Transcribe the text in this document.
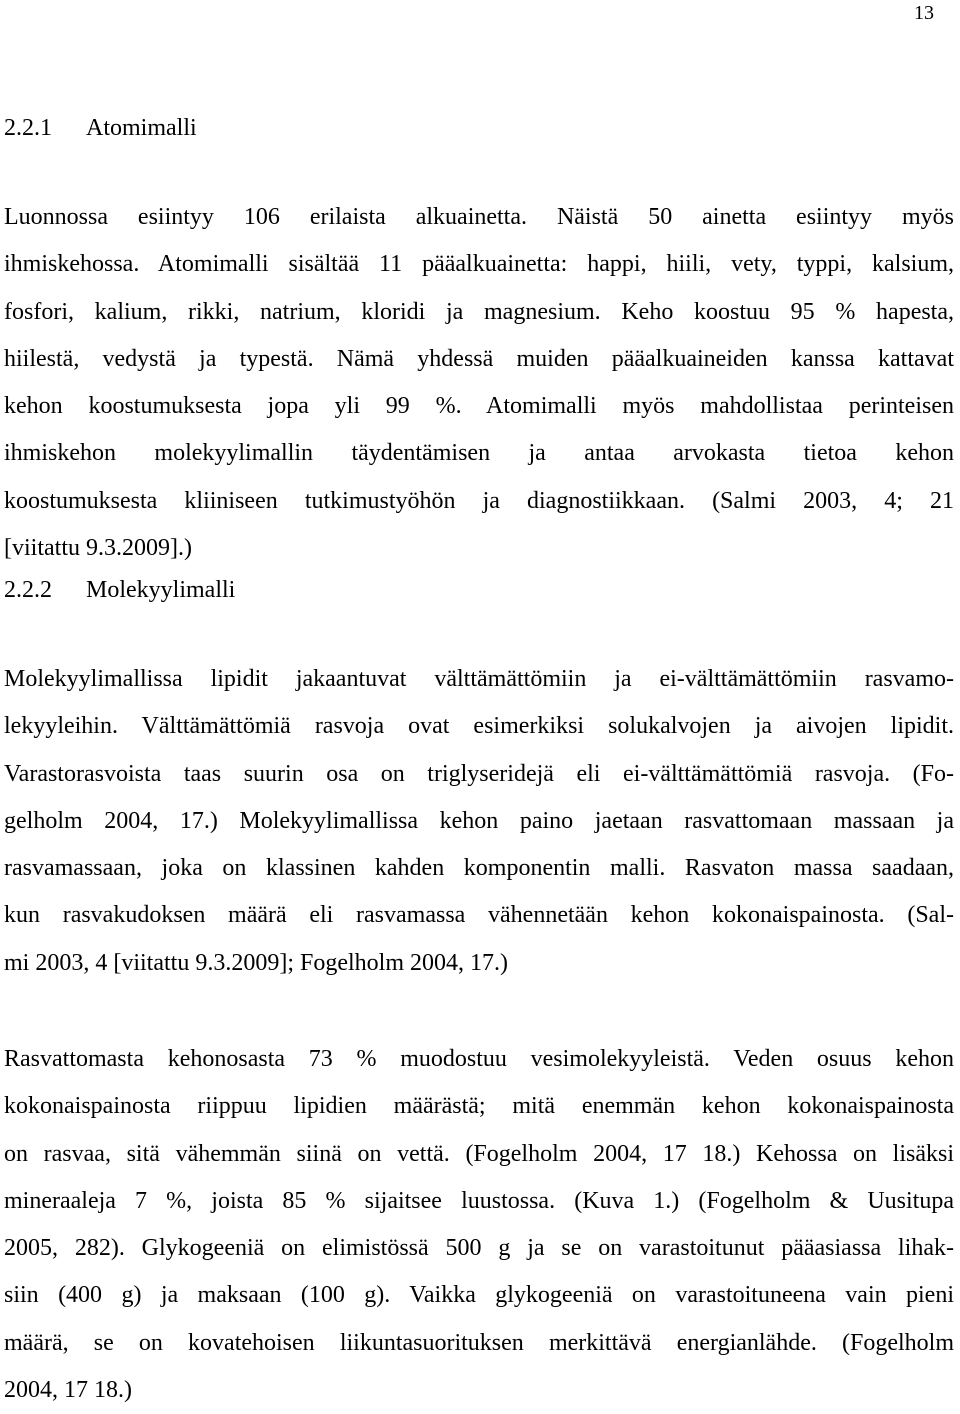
13
2.2.1 Atomimalli
Luonnossa esiintyy 106 erilaista alkuainetta. Näistä 50 ainetta esiintyy myös
ihmiskehossa. Atomimalli sisältää 11 pääalkuainetta: happi, hiili, vety, typpi, kalsium,
fosfori, kalium, rikki, natrium, kloridi ja magnesium. Keho koostuu 95 % hapesta,
hiilestä, vedystä ja typestä. Nämä yhdessä muiden pääalkuaineiden kanssa kattavat
kehon koostumuksesta jopa yli 99 %. Atomimalli myös mahdollistaa perinteisen
ihmiskehon molekyylimallin täydentämisen ja antaa arvokasta tietoa kehon
koostumuksesta kliiniseen tutkimustyöhön ja diagnostiikkaan. (Salmi 2003, 4; 21
[viitattu 9.3.2009].)
2.2.2 Molekyylimalli
Molekyylimallissa lipidit jakaantuvat välttämättömiin ja ei-välttämättömiin rasvamo-
lekyyleihin. Välttämättömiä rasvoja ovat esimerkiksi solukalvojen ja aivojen lipidit.
Varastorasvoista taas suurin osa on triglyseridejä eli ei-välttämättömiä rasvoja. (Fo-
gelholm 2004, 17.) Molekyylimallissa kehon paino jaetaan rasvattomaan massaan ja
rasvamassaan, joka on klassinen kahden komponentin malli. Rasvaton massa saadaan,
kun rasvakudoksen määrä eli rasvamassa vähennetään kehon kokonaispainosta. (Sal-
mi 2003, 4 [viitattu 9.3.2009]; Fogelholm 2004, 17.)
Rasvattomasta kehonosasta 73 % muodostuu vesimolekyyleistä. Veden osuus kehon
kokonaispainosta riippuu lipidien määrästä; mitä enemmän kehon kokonaispainosta
on rasvaa, sitä vähemmän siinä on vettä. (Fogelholm 2004, 17 18.) Kehossa on lisäksi
mineraaleja 7 %, joista 85 % sijaitsee luustossa. (Kuva 1.) (Fogelholm & Uusitupa
2005, 282). Glykogeeniä on elimistössä 500 g ja se on varastoitunut pääasiassa lihak-
siin (400 g) ja maksaan (100 g). Vaikka glykogeeniä on varastoituneena vain pieni
määrä, se on kovatehoisen liikuntasuorituksen merkittävä energianlähde. (Fogelholm
2004, 17 18.)
